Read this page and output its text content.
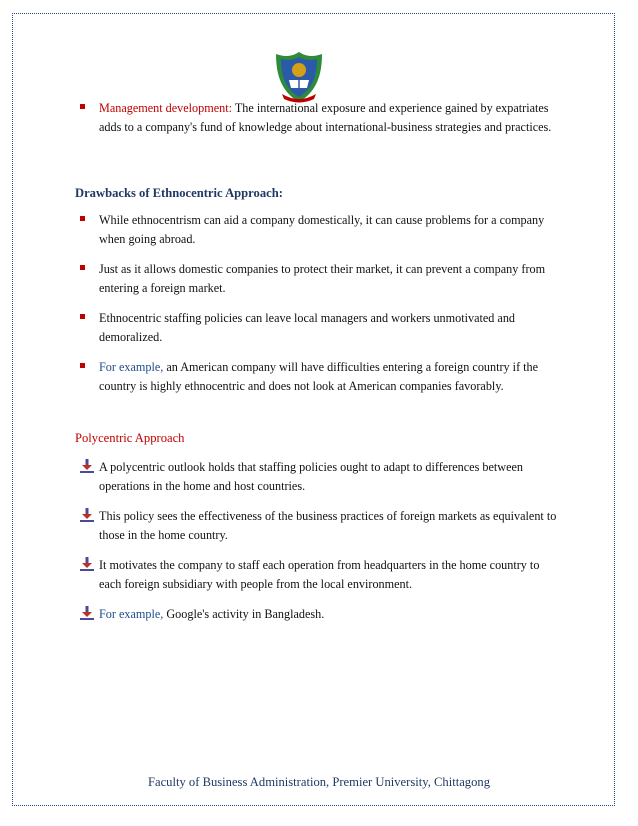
Management development: The international exposure and experience gained by expatriates adds to a company's fund of knowledge about international-business strategies and practices.
Drawbacks of Ethnocentric Approach:
While ethnocentrism can aid a company domestically, it can cause problems for a company when going abroad.
Just as it allows domestic companies to protect their market, it can prevent a company from entering a foreign market.
Ethnocentric staffing policies can leave local managers and workers unmotivated and demoralized.
For example, an American company will have difficulties entering a foreign country if the country is highly ethnocentric and does not look at American companies favorably.
Polycentric Approach
A polycentric outlook holds that staffing policies ought to adapt to differences between operations in the home and host countries.
This policy sees the effectiveness of the business practices of foreign markets as equivalent to those in the home country.
It motivates the company to staff each operation from headquarters in the home country to each foreign subsidiary with people from the local environment.
For example, Google's activity in Bangladesh.
Faculty of Business Administration, Premier University, Chittagong
